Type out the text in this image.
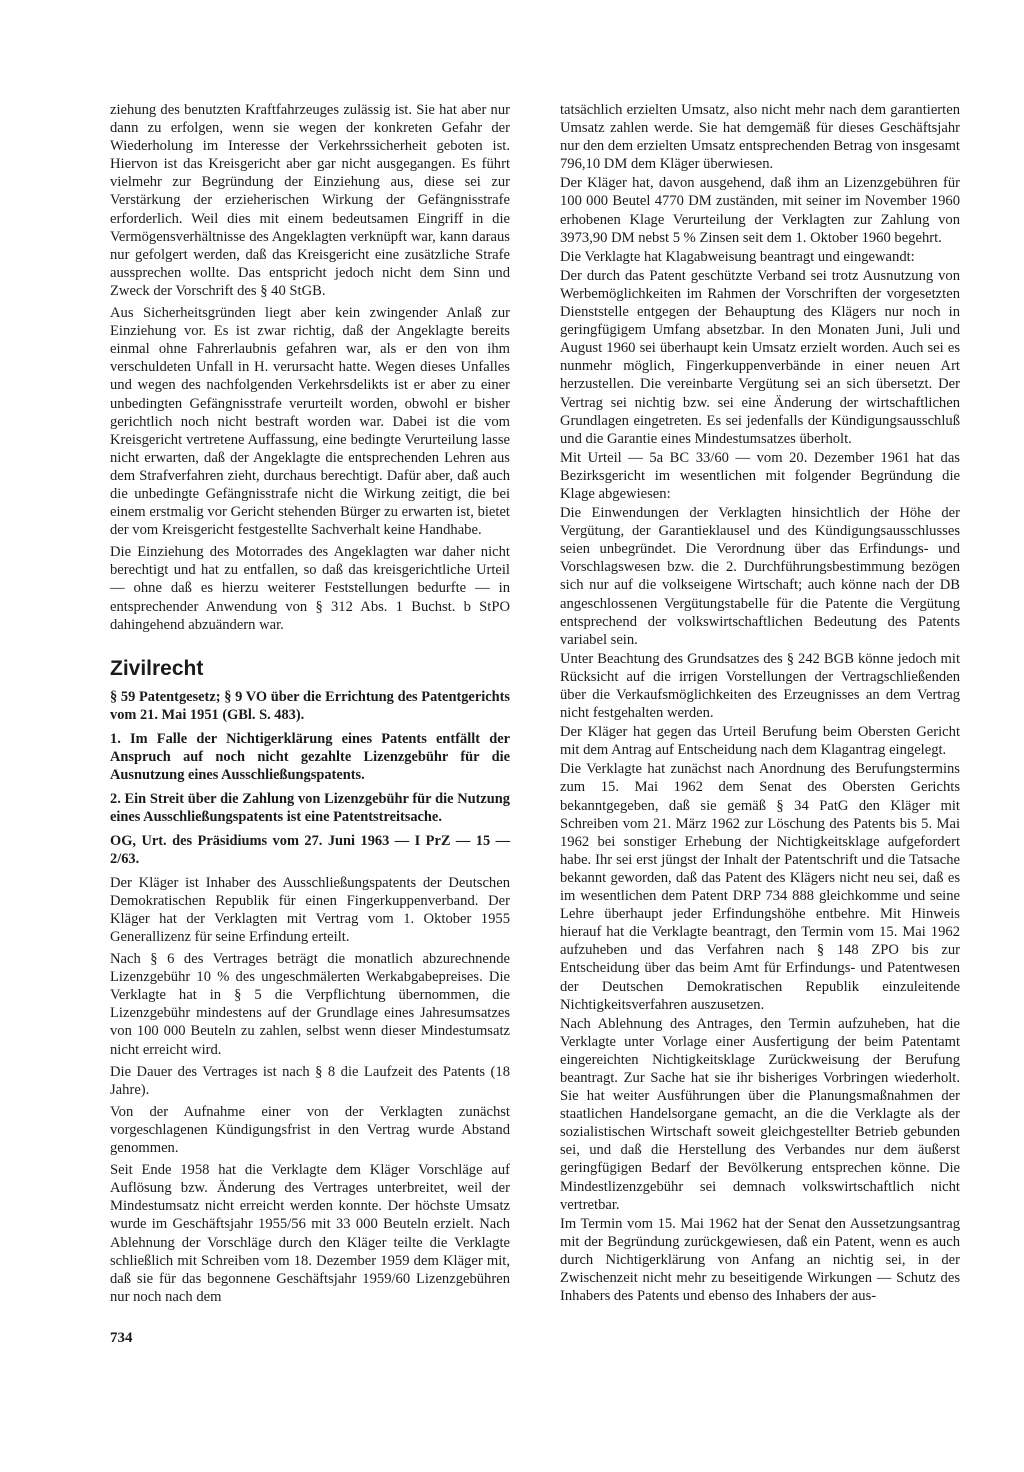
ziehung des benutzten Kraftfahrzeuges zulässig ist. Sie hat aber nur dann zu erfolgen, wenn sie wegen der konkreten Gefahr der Wiederholung im Interesse der Verkehrssicherheit geboten ist. Hiervon ist das Kreisgericht aber gar nicht ausgegangen. Es führt vielmehr zur Begründung der Einziehung aus, diese sei zur Verstärkung der erzieherischen Wirkung der Gefängnisstrafe erforderlich. Weil dies mit einem bedeutsamen Eingriff in die Vermögensverhältnisse des Angeklagten verknüpft war, kann daraus nur gefolgert werden, daß das Kreisgericht eine zusätzliche Strafe aussprechen wollte. Das entspricht jedoch nicht dem Sinn und Zweck der Vorschrift des § 40 StGB.

Aus Sicherheitsgründen liegt aber kein zwingender Anlaß zur Einziehung vor. Es ist zwar richtig, daß der Angeklagte bereits einmal ohne Fahrerlaubnis gefahren war, als er den von ihm verschuldeten Unfall in H. verursacht hatte. Wegen dieses Unfalles und wegen des nachfolgenden Verkehrsdelikts ist er aber zu einer unbedingten Gefängnisstrafe verurteilt worden, obwohl er bisher gerichtlich noch nicht bestraft worden war. Dabei ist die vom Kreisgericht vertretene Auffassung, eine bedingte Verurteilung lasse nicht erwarten, daß der Angeklagte die entsprechenden Lehren aus dem Strafverfahren zieht, durchaus berechtigt. Dafür aber, daß auch die unbedingte Gefängnisstrafe nicht die Wirkung zeitigt, die bei einem erstmalig vor Gericht stehenden Bürger zu erwarten ist, bietet der vom Kreisgericht festgestellte Sachverhalt keine Handhabe.

Die Einziehung des Motorrades des Angeklagten war daher nicht berechtigt und hat zu entfallen, so daß das kreisgerichtliche Urteil — ohne daß es hierzu weiterer Feststellungen bedurfte — in entsprechender Anwendung von § 312 Abs. 1 Buchst. b StPO dahingehend abzuändern war.

Zivilrecht

§ 59 Patentgesetz; § 9 VO über die Errichtung des Patentgerichts vom 21. Mai 1951 (GBl. S. 483).

1. Im Falle der Nichtigerklärung eines Patents entfällt der Anspruch auf noch nicht gezahlte Lizenzgebühr für die Ausnutzung eines Ausschließungspatents.

2. Ein Streit über die Zahlung von Lizenzgebühr für die Nutzung eines Ausschließungspatents ist eine Patentstreitsache.

OG, Urt. des Präsidiums vom 27. Juni 1963 — I PrZ — 15 — 2/63.

Der Kläger ist Inhaber des Ausschließungspatents der Deutschen Demokratischen Republik für einen Fingerkuppenverband. Der Kläger hat der Verklagten mit Vertrag vom 1. Oktober 1955 Generallizenz für seine Erfindung erteilt.

Nach § 6 des Vertrages beträgt die monatlich abzurechnende Lizenzgebühr 10 % des ungeschmälerten Werkabgabepreises. Die Verklagte hat in § 5 die Verpflichtung übernommen, die Lizenzgebühr mindestens auf der Grundlage eines Jahresumsatzes von 100 000 Beuteln zu zahlen, selbst wenn dieser Mindestumsatz nicht erreicht wird.

Die Dauer des Vertrages ist nach § 8 die Laufzeit des Patents (18 Jahre).

Von der Aufnahme einer von der Verklagten zunächst vorgeschlagenen Kündigungsfrist in den Vertrag wurde Abstand genommen.

Seit Ende 1958 hat die Verklagte dem Kläger Vorschläge auf Auflösung bzw. Änderung des Vertrages unterbreitet, weil der Mindestumsatz nicht erreicht werden konnte. Der höchste Umsatz wurde im Geschäftsjahr 1955/56 mit 33 000 Beuteln erzielt. Nach Ablehnung der Vorschläge durch den Kläger teilte die Verklagte schließlich mit Schreiben vom 18. Dezember 1959 dem Kläger mit, daß sie für das begonnene Geschäftsjahr 1959/60 Lizenzgebühren nur noch nach dem

tatsächlich erzielten Umsatz, also nicht mehr nach dem garantierten Umsatz zahlen werde. Sie hat demgemäß für dieses Geschäftsjahr nur den dem erzielten Umsatz entsprechenden Betrag von insgesamt 796,10 DM dem Kläger überwiesen.

Der Kläger hat, davon ausgehend, daß ihm an Lizenzgebühren für 100 000 Beutel 4770 DM zuständen, mit seiner im November 1960 erhobenen Klage Verurteilung der Verklagten zur Zahlung von 3973,90 DM nebst 5 % Zinsen seit dem 1. Oktober 1960 begehrt.

Die Verklagte hat Klagabweisung beantragt und eingewandt:

Der durch das Patent geschützte Verband sei trotz Ausnutzung von Werbemöglichkeiten im Rahmen der Vorschriften der vorgesetzten Dienststelle entgegen der Behauptung des Klägers nur noch in geringfügigem Umfang absetzbar. In den Monaten Juni, Juli und August 1960 sei überhaupt kein Umsatz erzielt worden. Auch sei es nunmehr möglich, Fingerkuppenverbände in einer neuen Art herzustellen. Die vereinbarte Vergütung sei an sich übersetzt. Der Vertrag sei nichtig bzw. sei eine Änderung der wirtschaftlichen Grundlagen eingetreten. Es sei jedenfalls der Kündigungsausschluß und die Garantie eines Mindestumsatzes überholt.

Mit Urteil — 5a BC 33/60 — vom 20. Dezember 1961 hat das Bezirksgericht im wesentlichen mit folgender Begründung die Klage abgewiesen:

Die Einwendungen der Verklagten hinsichtlich der Höhe der Vergütung, der Garantieklausel und des Kündigungsausschlusses seien unbegründet. Die Verordnung über das Erfindungs- und Vorschlagswesen bzw. die 2. Durchführungsbestimmung bezögen sich nur auf die volkseigene Wirtschaft; auch könne nach der DB angeschlossenen Vergütungstabelle für die Patente die Vergütung entsprechend der volkswirtschaftlichen Bedeutung des Patents variabel sein.

Unter Beachtung des Grundsatzes des § 242 BGB könne jedoch mit Rücksicht auf die irrigen Vorstellungen der Vertragschließenden über die Verkaufsmöglichkeiten des Erzeugnisses an dem Vertrag nicht festgehalten werden.

Der Kläger hat gegen das Urteil Berufung beim Obersten Gericht mit dem Antrag auf Entscheidung nach dem Klagantrag eingelegt.

Die Verklagte hat zunächst nach Anordnung des Berufungstermins zum 15. Mai 1962 dem Senat des Obersten Gerichts bekanntgegeben, daß sie gemäß § 34 PatG den Kläger mit Schreiben vom 21. März 1962 zur Löschung des Patents bis 5. Mai 1962 bei sonstiger Erhebung der Nichtigkeitsklage aufgefordert habe. Ihr sei erst jüngst der Inhalt der Patentschrift und die Tatsache bekannt geworden, daß das Patent des Klägers nicht neu sei, daß es im wesentlichen dem Patent DRP 734 888 gleichkomme und seine Lehre überhaupt jeder Erfindungshöhe entbehre. Mit Hinweis hierauf hat die Verklagte beantragt, den Termin vom 15. Mai 1962 aufzuheben und das Verfahren nach § 148 ZPO bis zur Entscheidung über das beim Amt für Erfindungs- und Patentwesen der Deutschen Demokratischen Republik einzuleitende Nichtigkeitsverfahren auszusetzen.

Nach Ablehnung des Antrages, den Termin aufzuheben, hat die Verklagte unter Vorlage einer Ausfertigung der beim Patentamt eingereichten Nichtigkeitsklage Zurückweisung der Berufung beantragt. Zur Sache hat sie ihr bisheriges Vorbringen wiederholt. Sie hat weiter Ausführungen über die Planungsmaßnahmen der staatlichen Handelsorgane gemacht, an die die Verklagte als der sozialistischen Wirtschaft soweit gleichgestellter Betrieb gebunden sei, und daß die Herstellung des Verbandes nur dem äußerst geringfügigen Bedarf der Bevölkerung entsprechen könne. Die Mindestlizenzgebühr sei demnach volkswirtschaftlich nicht vertretbar.

Im Termin vom 15. Mai 1962 hat der Senat den Aussetzungsantrag mit der Begründung zurückgewiesen, daß ein Patent, wenn es auch durch Nichtigerklärung von Anfang an nichtig sei, in der Zwischenzeit nicht mehr zu beseitigende Wirkungen — Schutz des Inhabers des Patents und ebenso des Inhabers der aus-

734
